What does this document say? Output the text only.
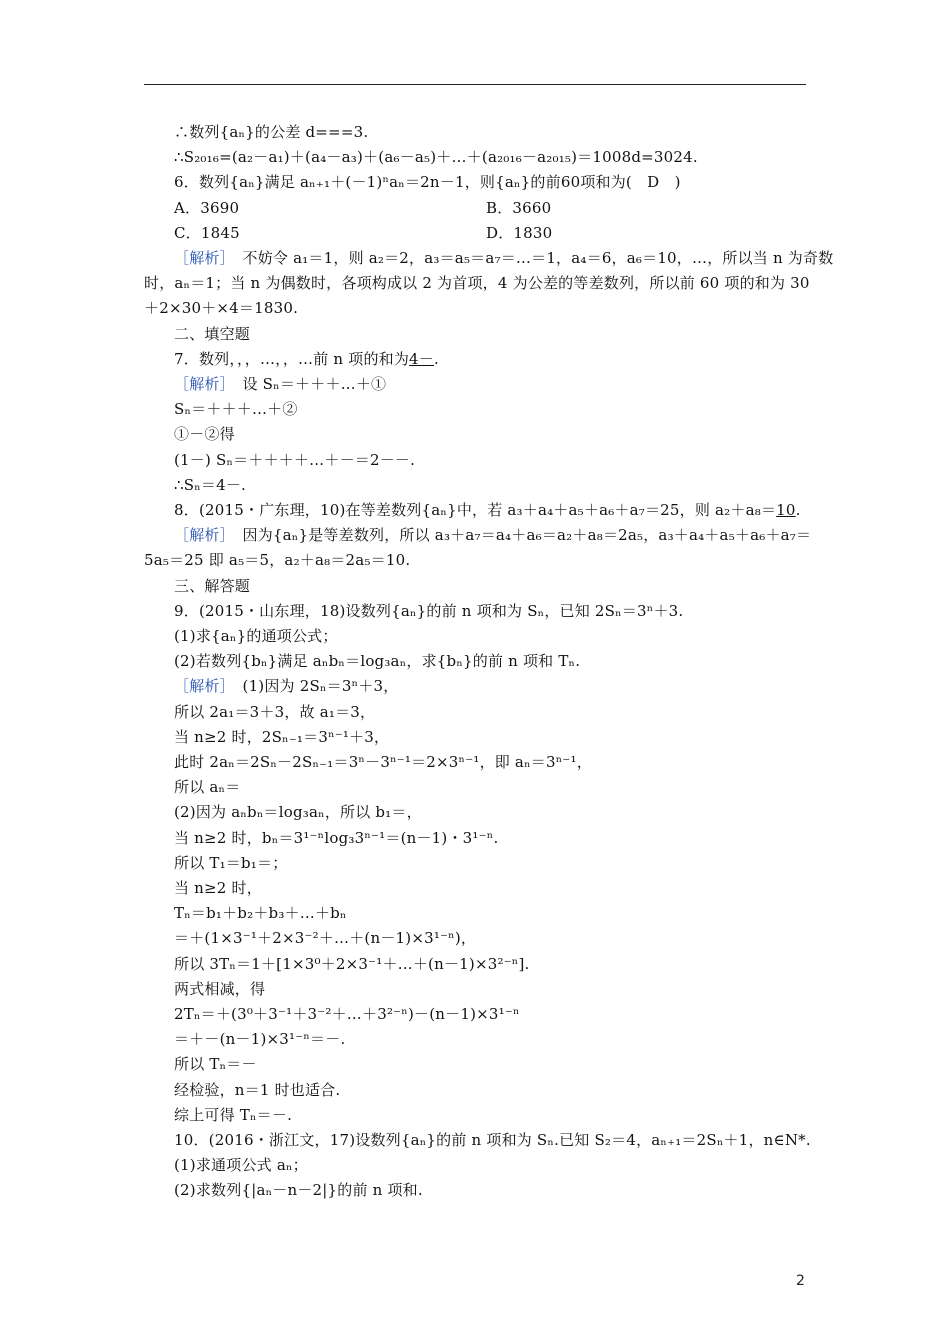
∴数列{aₙ}的公差 d===3.
∴S₂₀₁₆=(a₂－a₁)＋(a₄－a₃)＋(a₆－a₅)＋…＋(a₂₀₁₆－a₂₀₁₅)＝1008d=3024.
6．数列{aₙ}满足 aₙ₊₁＋(－1)ⁿaₙ＝2n－1，则{aₙ}的前60项和为(　D　)
A．3690	B．3660
C．1845	D．1830
［解析］　不妨令 a₁＝1，则 a₂＝2，a₃＝a₅＝a₇＝…＝1，a₄＝6，a₆＝10，…，所以当 n 为奇数
时，aₙ＝1；当 n 为偶数时，各项构成以 2 为首项，4 为公差的等差数列，所以前 60 项的和为 30
＋2×30＋×4＝1830.
二、填空题
7．数列，，，…，，…前 n 项的和为4－.
［解析］　设 Sₙ＝＋＋＋…＋①
Sₙ＝＋＋＋…＋②
①－②得
(1－) Sₙ＝＋＋＋＋…＋－＝2－－.
∴Sₙ＝4－.
8．(2015・广东理，10)在等差数列{aₙ}中，若 a₃＋a₄＋a₅＋a₆＋a₇＝25，则 a₂＋a₈＝10.
［解析］　因为{aₙ}是等差数列，所以 a₃＋a₇＝a₄＋a₆＝a₂＋a₈＝2a₅，a₃＋a₄＋a₅＋a₆＋a₇＝
5a₅＝25 即 a₅＝5，a₂＋a₈＝2a₅＝10.
三、解答题
9．(2015・山东理，18)设数列{aₙ}的前 n 项和为 Sₙ，已知 2Sₙ＝3ⁿ＋3.
(1)求{aₙ}的通项公式；
(2)若数列{bₙ}满足 aₙbₙ＝log₃aₙ，求{bₙ}的前 n 项和 Tₙ.
［解析］　(1)因为 2Sₙ＝3ⁿ＋3，
所以 2a₁＝3＋3，故 a₁＝3，
当 n≥2 时，2Sₙ₋₁＝3ⁿ⁻¹＋3，
此时 2aₙ＝2Sₙ－2Sₙ₋₁＝3ⁿ－3ⁿ⁻¹＝2×3ⁿ⁻¹，即 aₙ＝3ⁿ⁻¹，
所以 aₙ＝
(2)因为 aₙbₙ＝log₃aₙ，所以 b₁＝，
当 n≥2 时，bₙ＝3¹⁻ⁿlog₃3ⁿ⁻¹＝(n－1)・3¹⁻ⁿ.
所以 T₁＝b₁＝；
当 n≥2 时，
Tₙ＝b₁＋b₂＋b₃＋…＋bₙ
＝＋(1×3⁻¹＋2×3⁻²＋…＋(n－1)×3¹⁻ⁿ)，
所以 3Tₙ＝1＋[1×3⁰＋2×3⁻¹＋…＋(n－1)×3²⁻ⁿ].
两式相减，得
2Tₙ＝＋(3⁰＋3⁻¹＋3⁻²＋…＋3²⁻ⁿ)－(n－1)×3¹⁻ⁿ
＝＋－(n－1)×3¹⁻ⁿ＝－.
所以 Tₙ＝－
经检验，n＝1 时也适合.
综上可得 Tₙ＝－.
10．(2016・浙江文，17)设数列{aₙ}的前 n 项和为 Sₙ.已知 S₂＝4，aₙ₊₁＝2Sₙ＋1，n∈N*.
(1)求通项公式 aₙ；
(2)求数列{|aₙ－n－2|}的前 n 项和.
2
